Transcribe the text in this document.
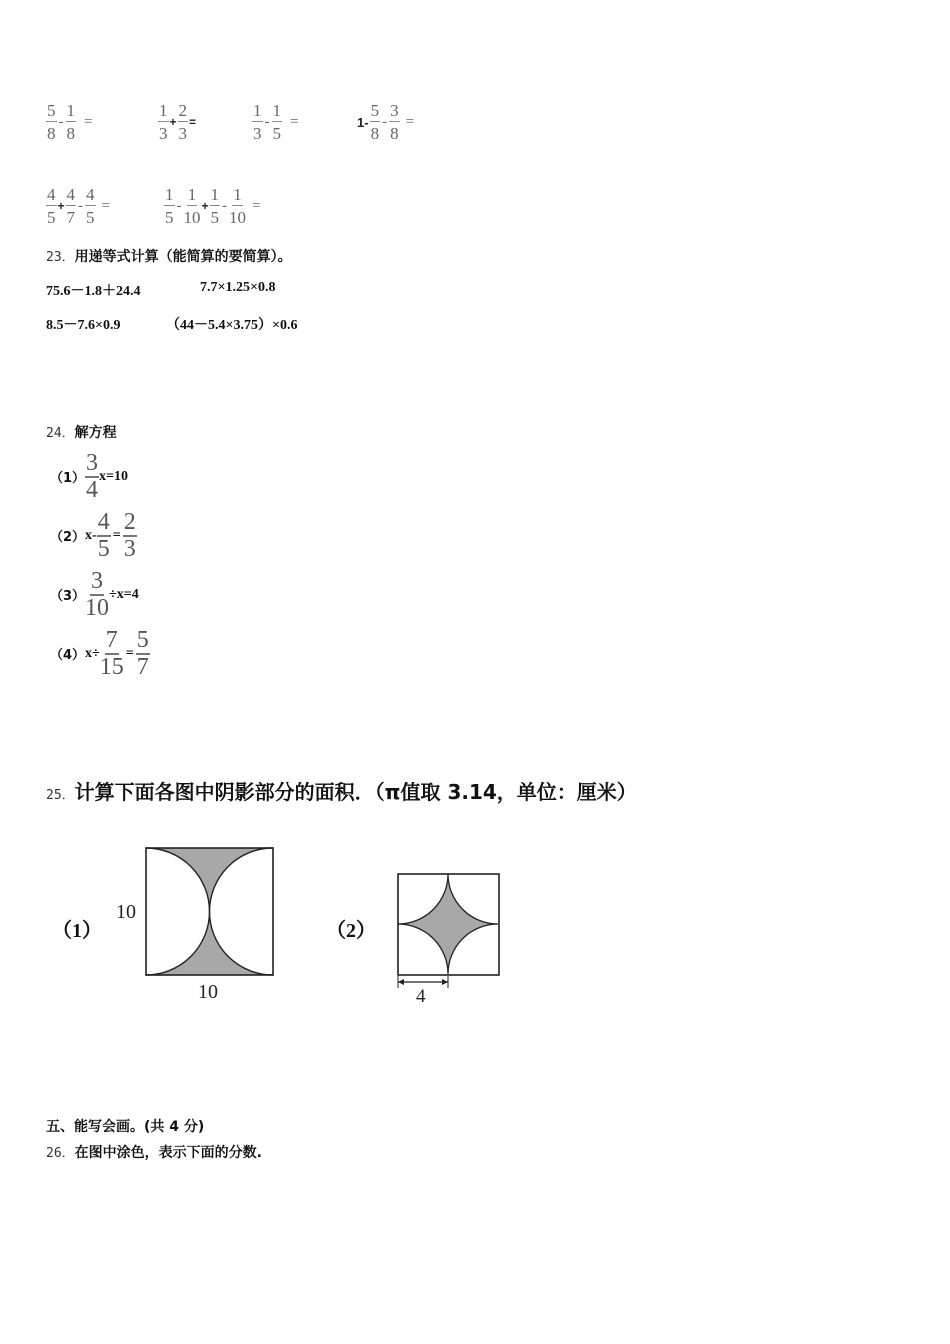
$\frac{5}{8} - \frac{1}{8}$ =	$\frac{1}{3} + \frac{2}{3}$ =	$\frac{1}{3} - \frac{1}{5}$ =	$1- \frac{5}{8} - \frac{3}{8}$ =
$\frac{4}{5} + \frac{4}{7} - \frac{4}{5}$ =	$\frac{1}{5} - \frac{1}{10} + \frac{1}{5} - \frac{1}{10}$ =
23．用递等式计算（能简算的要简算）。
75.6－1.8＋24.4	7.7×1.25×0.8
8.5－7.6×0.9	（44－5.4×3.75）×0.6
24．解方程
（1）
3
4
x=10
（2） $x- \frac{4}{5} = \frac{2}{3}$
$(3) \frac{3}{10} \div x=4$
（4） $x\div \frac{7}{15} = \frac{5}{7}$
25．计算下面各图中阴影部分的面积．（π值取 3.14，单位：厘米）
（1）
10
10
（2）
4
五、能写会画。(共 4 分)
26．在图中涂色，表示下面的分数.
